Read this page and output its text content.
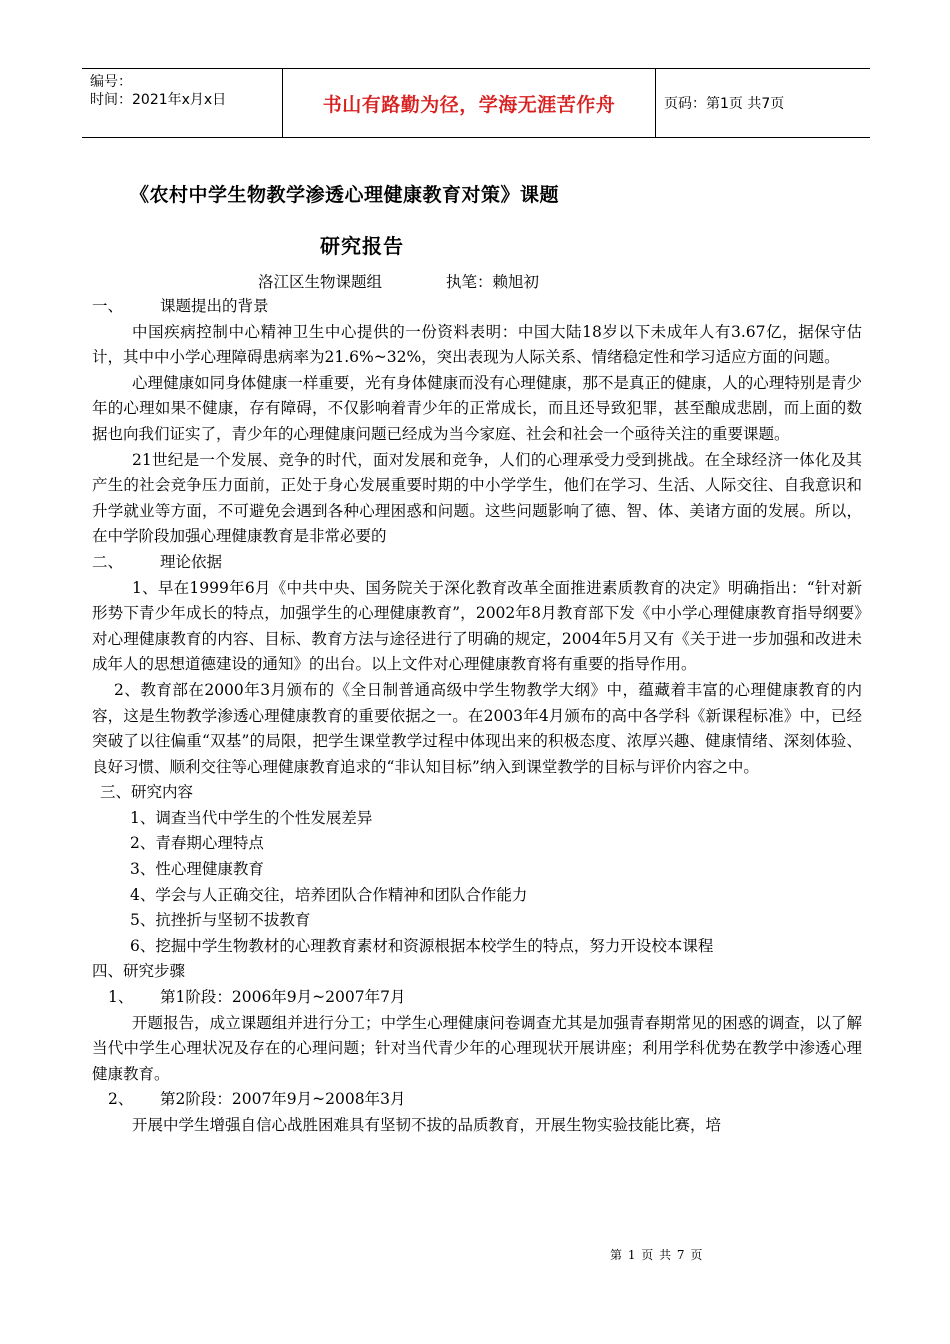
编号：
时间：2021年x月x日	书山有路勤为径，学海无涯苦作舟	页码：第1页 共7页
《农村中学生物教学渗透心理健康教育对策》课题
研究报告
洛江区生物课题组             执笔：赖旭初

一、 课题提出的背景

中国疾病控制中心精神卫生中心提供的一份资料表明：中国大陆18岁以下未成年人有3.67亿，据保守估计，其中中小学心理障碍患病率为21.6%~32%，突出表现为人际关系、情绪稳定性和学习适应方面的问题。

心理健康如同身体健康一样重要，光有身体健康而没有心理健康，那不是真正的健康，人的心理特别是青少年的心理如果不健康，存有障碍，不仅影响着青少年的正常成长，而且还导致犯罪，甚至酿成悲剧，而上面的数据也向我们证实了，青少年的心理健康问题已经成为当今家庭、社会和社会一个亟待关注的重要课题。

21世纪是一个发展、竞争的时代，面对发展和竞争，人们的心理承受力受到挑战。在全球经济一体化及其产生的社会竞争压力面前，正处于身心发展重要时期的中小学学生，他们在学习、生活、人际交往、自我意识和升学就业等方面，不可避免会遇到各种心理困惑和问题。这些问题影响了德、智、体、美诸方面的发展。所以，在中学阶段加强心理健康教育是非常必要的

二、 理论依据

1、早在1999年6月《中共中央、国务院关于深化教育改革全面推进素质教育的决定》明确指出：“针对新形势下青少年成长的特点，加强学生的心理健康教育”，2002年8月教育部下发《中小学心理健康教育指导纲要》对心理健康教育的内容、目标、教育方法与途径进行了明确的规定，2004年5月又有《关于进一步加强和改进未成年人的思想道德建设的通知》的出台。以上文件对心理健康教育将有重要的指导作用。

2、教育部在2000年3月颁布的《全日制普通高级中学生物教学大纲》中，蕴藏着丰富的心理健康教育的内容，这是生物教学渗透心理健康教育的重要依据之一。在2003年4月颁布的高中各学科《新课程标准》中，已经突破了以往偏重“双基”的局限，把学生课堂教学过程中体现出来的积极态度、浓厚兴趣、健康情绪、深刻体验、良好习惯、顺利交往等心理健康教育追求的“非认知目标”纳入到课堂教学的目标与评价内容之中。

三、研究内容

1、调查当代中学生的个性发展差异

2、青春期心理特点

3、性心理健康教育

4、学会与人正确交往，培养团队合作精神和团队合作能力

5、抗挫折与坚韧不拔教育

6、挖掘中学生物教材的心理教育素材和资源根据本校学生的特点，努力开设校本课程

四、研究步骤

1、 第1阶段：2006年9月~2007年7月

开题报告，成立课题组并进行分工；中学生心理健康问卷调查尤其是加强青春期常见的困惑的调查，以了解当代中学生心理状况及存在的心理问题；针对当代青少年的心理现状开展讲座；利用学科优势在教学中渗透心理健康教育。

2、 第2阶段：2007年9月~2008年3月

开展中学生增强自信心战胜困难具有坚韧不拔的品质教育，开展生物实验技能比赛，培

第 1 页 共 7 页
